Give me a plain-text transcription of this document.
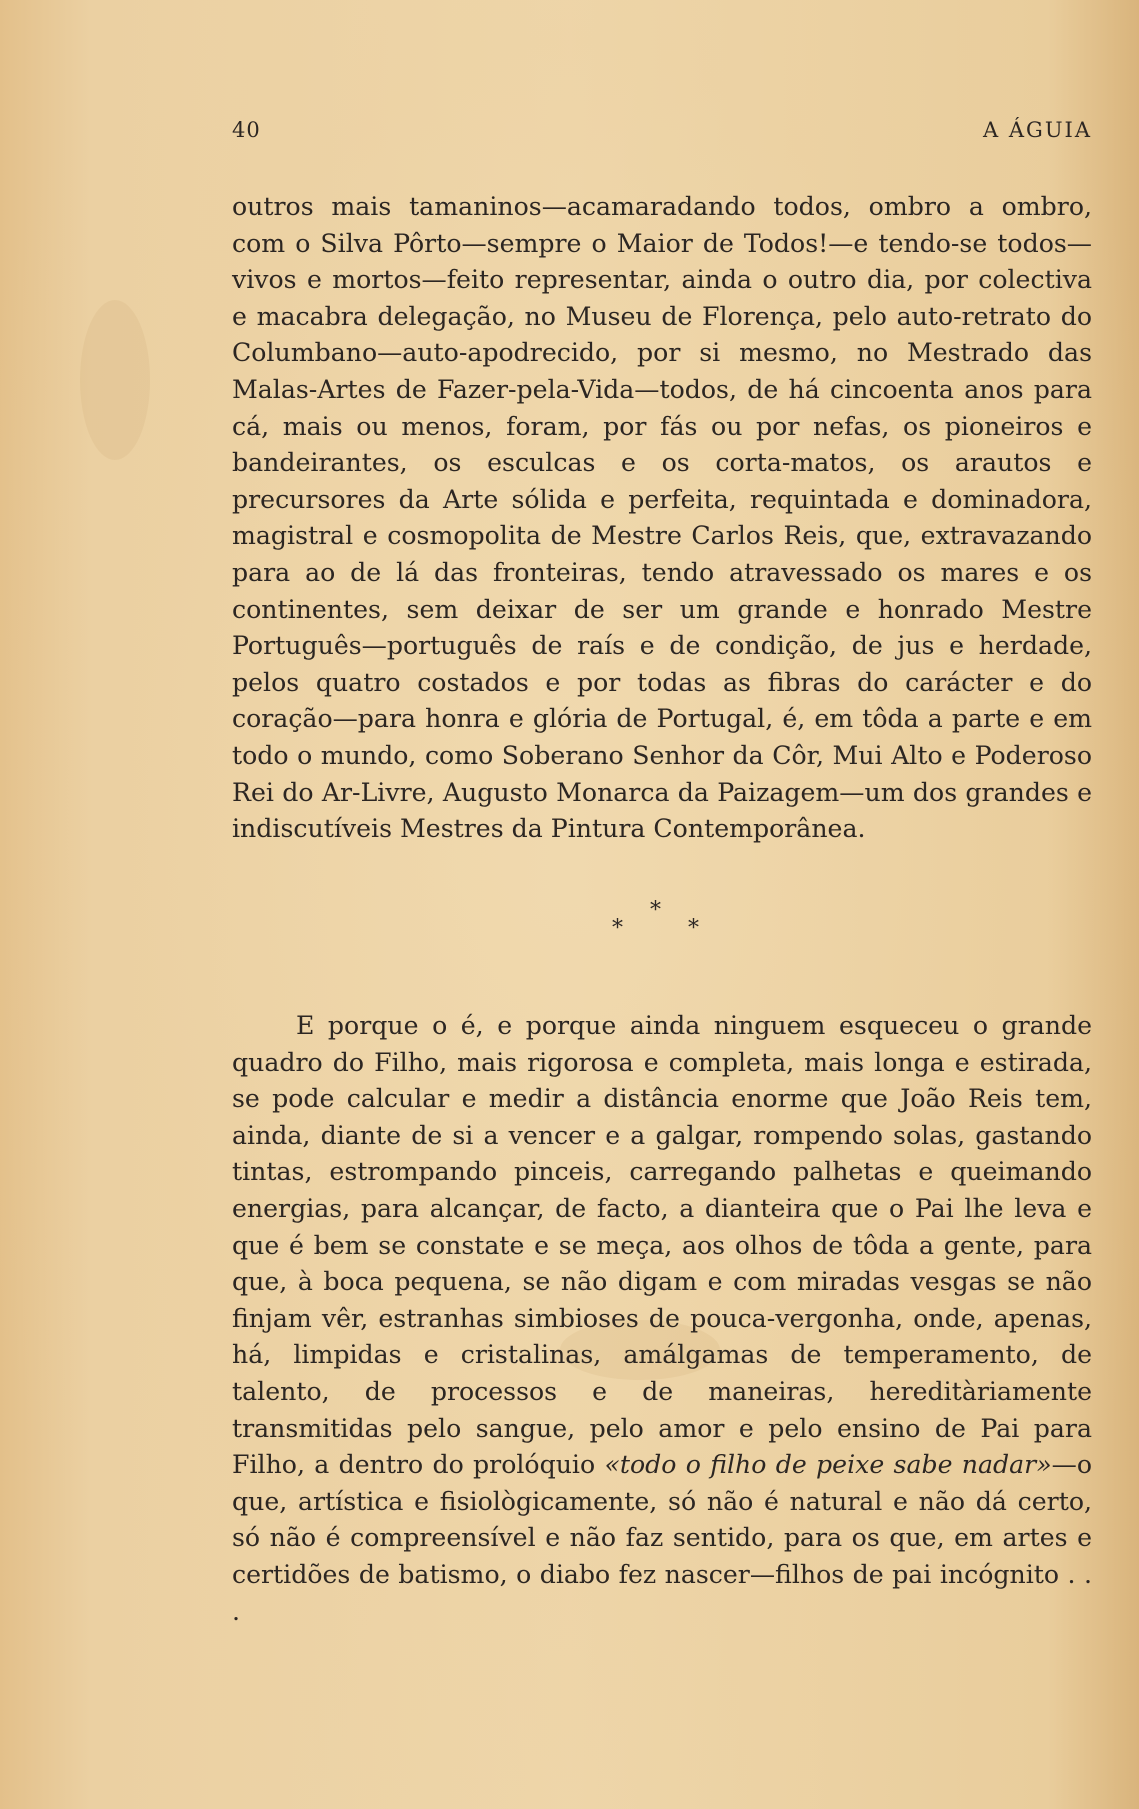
40	A ÁGUIA
outros mais tamaninos—acamaradando todos, ombro a ombro, com o Silva Pôrto—sempre o Maior de Todos!—e tendo-se todos—vivos e mortos—feito representar, ainda o outro dia, por colectiva e macabra delegação, no Museu de Florença, pelo auto-retrato do Columbano—auto-apodrecido, por si mesmo, no Mestrado das Malas-Artes de Fazer-pela-Vida—todos, de há cincoenta anos para cá, mais ou menos, foram, por fás ou por nefas, os pioneiros e bandeirantes, os esculcas e os corta-matos, os arautos e precursores da Arte sólida e perfeita, requintada e dominadora, magistral e cosmopolita de Mestre Carlos Reis, que, extravazando para ao de lá das fronteiras, tendo atravessado os mares e os continentes, sem deixar de ser um grande e honrado Mestre Português—português de raís e de condição, de jus e herdade, pelos quatro costados e por todas as fibras do carácter e do coração—para honra e glória de Portugal, é, em tôda a parte e em todo o mundo, como Soberano Senhor da Côr, Mui Alto e Poderoso Rei do Ar-Livre, Augusto Monarca da Paizagem—um dos grandes e indiscutíveis Mestres da Pintura Contemporânea.
*
*	*
E porque o é, e porque ainda ninguem esqueceu o grande quadro do Filho, mais rigorosa e completa, mais longa e estirada, se pode calcular e medir a distância enorme que João Reis tem, ainda, diante de si a vencer e a galgar, rompendo solas, gastando tintas, estrompando pinceis, carregando palhetas e queimando energias, para alcançar, de facto, a dianteira que o Pai lhe leva e que é bem se constate e se meça, aos olhos de tôda a gente, para que, à boca pequena, se não digam e com miradas vesgas se não finjam vêr, estranhas simbioses de pouca-vergonha, onde, apenas, há, limpidas e cristalinas, amálgamas de temperamento, de talento, de processos e de maneiras, hereditàriamente transmitidas pelo sangue, pelo amor e pelo ensino de Pai para Filho, a dentro do prolóquio «todo o filho de peixe sabe nadar»—o que, artística e fisiològicamente, só não é natural e não dá certo, só não é compreensível e não faz sentido, para os que, em artes e certidões de batismo, o diabo fez nascer—filhos de pai incógnito . . .
